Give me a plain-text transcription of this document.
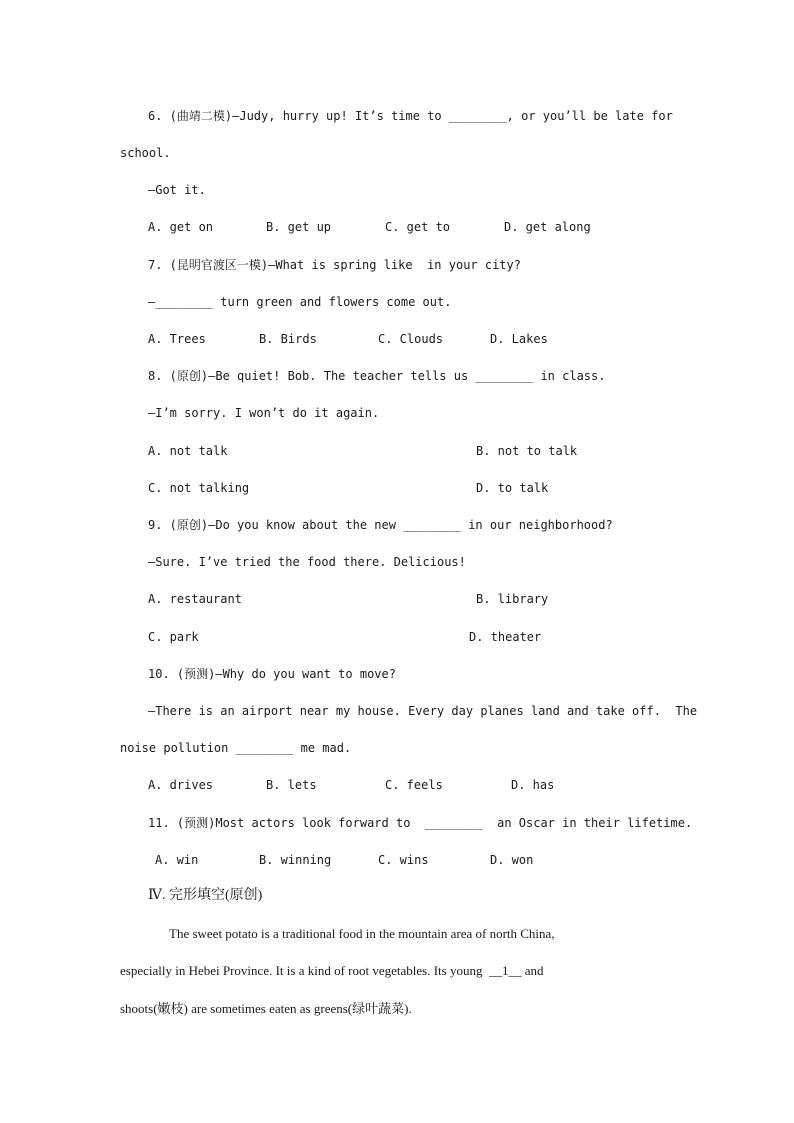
6. (曲靖二模)—Judy, hurry up! It’s time to ________, or you’ll be late for
school.
—Got it.
A. get on	B. get up	C. get to	D. get along
7. (昆明官渡区一模)—What is spring like  in your city?
—________ turn green and flowers come out.
A. Trees	B. Birds	C. Clouds	D. Lakes
8. (原创)—Be quiet! Bob. The teacher tells us ________ in class.
—I’m sorry. I won’t do it again.
A. not talk	B. not to talk
C. not talking	D. to talk
9. (原创)—Do you know about the new ________ in our neighborhood?
—Sure. I’ve tried the food there. Delicious!
A. restaurant	B. library
C. park	D. theater
10. (预测)—Why do you want to move?
—There is an airport near my house. Every day planes land and take off.  The
noise pollution ________ me mad.
A. drives	B. lets	C. feels	D. has
11. (预测)Most actors look forward to  ________  an Oscar in their lifetime.
A. win	B. winning	C. wins	D. won
Ⅳ. 完形填空(原创)
The sweet potato is a traditional food in the mountain area of north China,
especially in Hebei Province. It is a kind of root vegetables. Its young  __1__ and
shoots(嫩枝) are sometimes eaten as greens(绿叶蔬菜).
